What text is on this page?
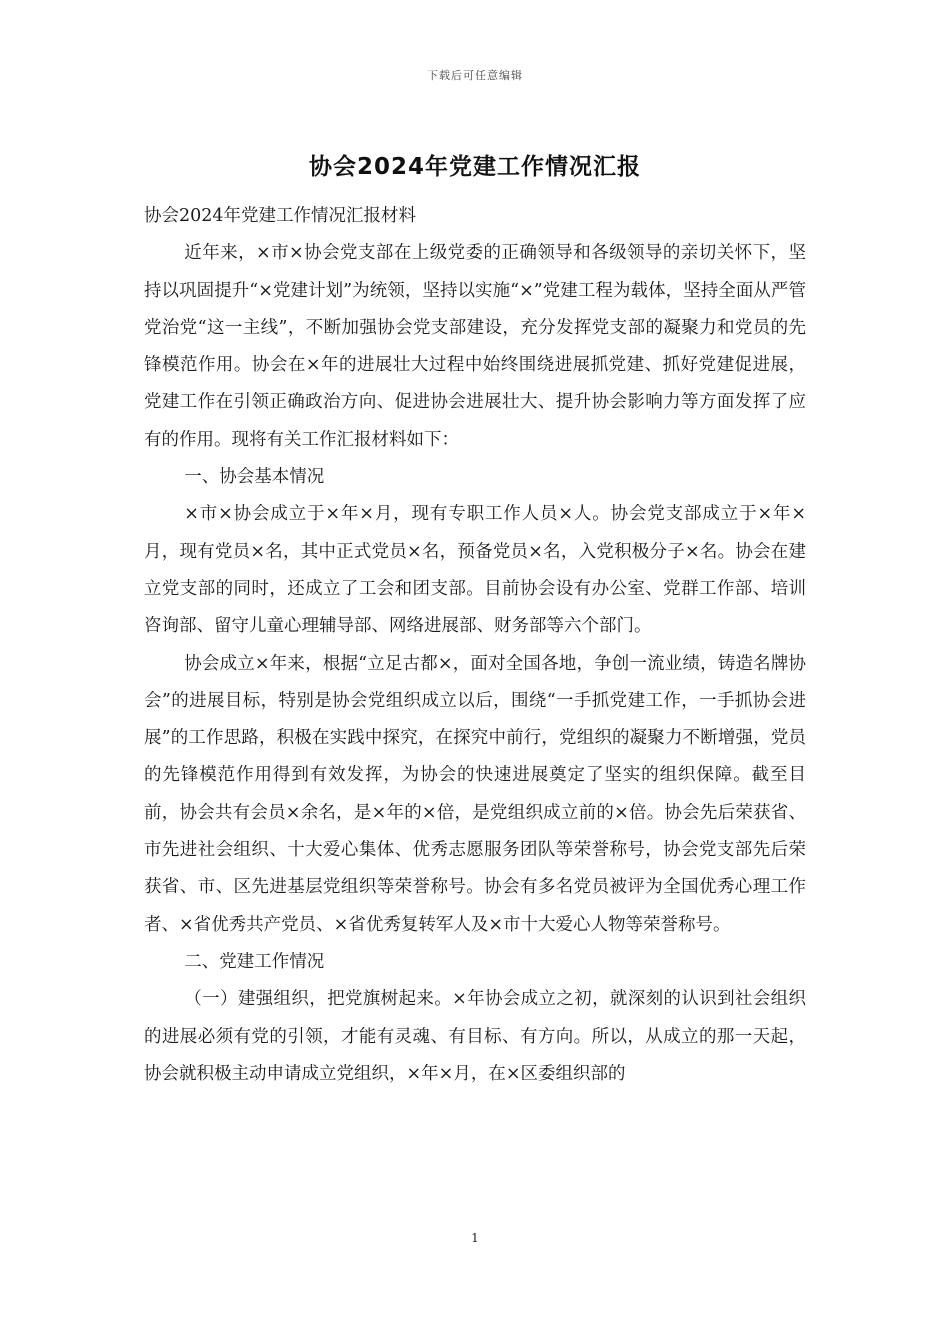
下载后可任意编辑
协会2024年党建工作情况汇报

协会2024年党建工作情况汇报材料

近年来，×市×协会党支部在上级党委的正确领导和各级领导的亲切关怀下，坚持以巩固提升“×党建计划”为统领，坚持以实施“×”党建工程为载体，坚持全面从严管党治党“这一主线”，不断加强协会党支部建设，充分发挥党支部的凝聚力和党员的先锋模范作用。协会在×年的进展壮大过程中始终围绕进展抓党建、抓好党建促进展，党建工作在引领正确政治方向、促进协会进展壮大、提升协会影响力等方面发挥了应有的作用。现将有关工作汇报材料如下：

一、协会基本情况

×市×协会成立于×年×月，现有专职工作人员×人。协会党支部成立于×年×月，现有党员×名，其中正式党员×名，预备党员×名，入党积极分子×名。协会在建立党支部的同时，还成立了工会和团支部。目前协会设有办公室、党群工作部、培训咨询部、留守儿童心理辅导部、网络进展部、财务部等六个部门。

协会成立×年来，根据“立足古都×，面对全国各地，争创一流业绩，铸造名牌协会”的进展目标，特别是协会党组织成立以后，围绕“一手抓党建工作，一手抓协会进展”的工作思路，积极在实践中探究，在探究中前行，党组织的凝聚力不断增强，党员的先锋模范作用得到有效发挥，为协会的快速进展奠定了坚实的组织保障。截至目前，协会共有会员×余名，是×年的×倍，是党组织成立前的×倍。协会先后荣获省、市先进社会组织、十大爱心集体、优秀志愿服务团队等荣誉称号，协会党支部先后荣获省、市、区先进基层党组织等荣誉称号。协会有多名党员被评为全国优秀心理工作者、×省优秀共产党员、×省优秀复转军人及×市十大爱心人物等荣誉称号。

二、党建工作情况

（一）建强组织，把党旗树起来。×年协会成立之初，就深刻的认识到社会组织的进展必须有党的引领，才能有灵魂、有目标、有方向。所以，从成立的那一天起，协会就积极主动申请成立党组织，×年×月，在×区委组织部的

1
